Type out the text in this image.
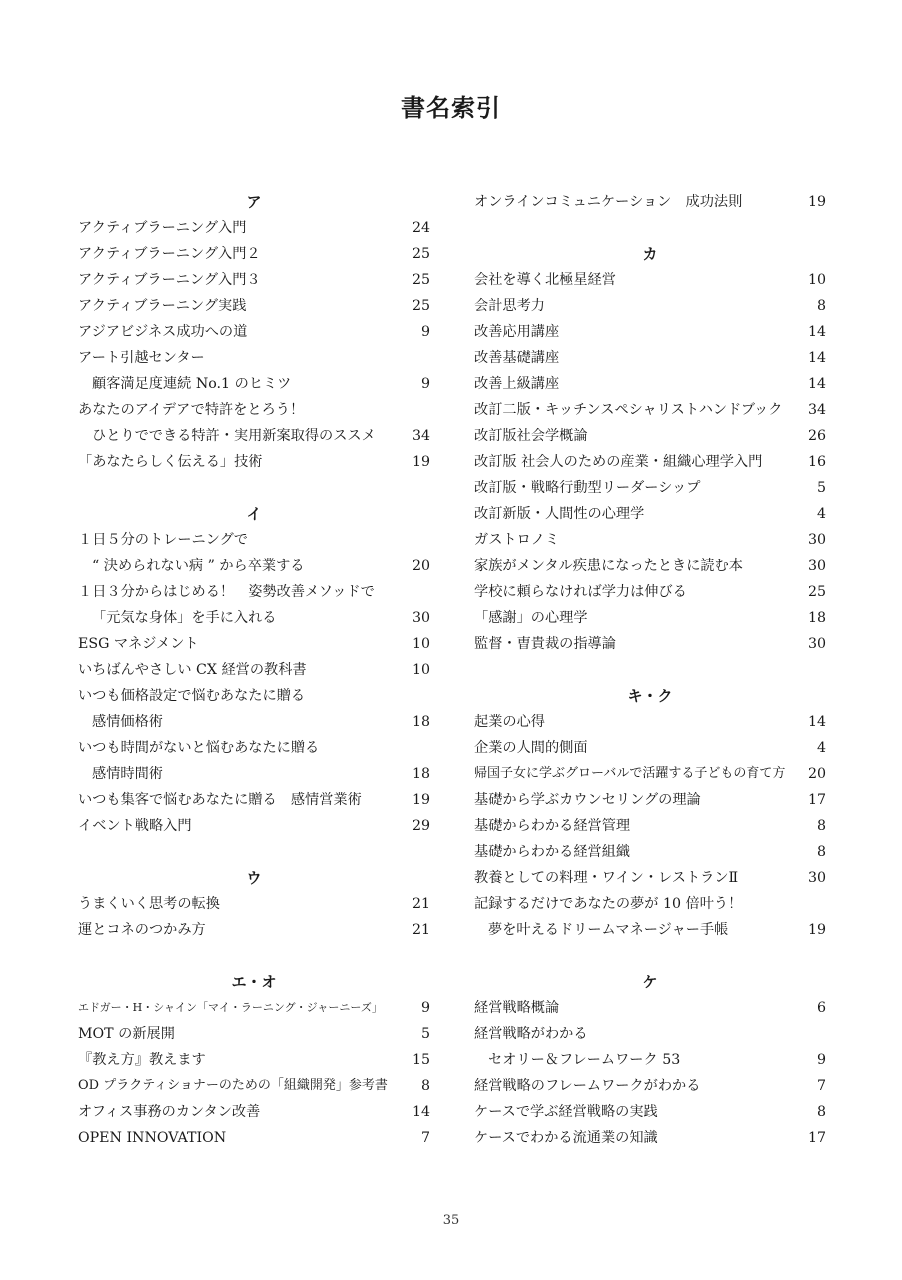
書名索引
ア
アクティブラーニング入門	24
アクティブラーニング入門２	25
アクティブラーニング入門３	25
アクティブラーニング実践	25
アジアビジネス成功への道	9
アート引越センター
顧客満足度連続 No.1 のヒミツ	9
あなたのアイデアで特許をとろう！
ひとりでできる特許・実用新案取得のススメ	34
「あなたらしく伝える」技術	19
イ
１日５分のトレーニングで
“ 決められない病 ” から卒業する	20
１日３分からはじめる！　姿勢改善メソッドで
「元気な身体」を手に入れる	30
ESG マネジメント	10
いちばんやさしい CX 経営の教科書	10
いつも価格設定で悩むあなたに贈る
感情価格術	18
いつも時間がないと悩むあなたに贈る
感情時間術	18
いつも集客で悩むあなたに贈る　感情営業術	19
イベント戦略入門	29
ウ
うまくいく思考の転換	21
運とコネのつかみ方	21
エ・オ
エドガー・H・シャイン「マイ・ラーニング・ジャーニーズ」	9
MOT の新展開	5
『教え方』教えます	15
OD プラクティショナーのための「組織開発」参考書	8
オフィス事務のカンタン改善	14
OPEN INNOVATION	7
オンラインコミュニケーション　成功法則	19
カ
会社を導く北極星経営	10
会計思考力	8
改善応用講座	14
改善基礎講座	14
改善上級講座	14
改訂二版・キッチンスペシャリストハンドブック	34
改訂版社会学概論	26
改訂版 社会人のための産業・組織心理学入門	16
改訂版・戦略行動型リーダーシップ	5
改訂新版・人間性の心理学	4
ガストロノミ	30
家族がメンタル疾患になったときに読む本	30
学校に頼らなければ学力は伸びる	25
「感謝」の心理学	18
監督・曺貴裁の指導論	30
キ・ク
起業の心得	14
企業の人間的側面	4
帰国子女に学ぶグローバルで活躍する子どもの育て方	20
基礎から学ぶカウンセリングの理論	17
基礎からわかる経営管理	8
基礎からわかる経営組織	8
教養としての料理・ワイン・レストランⅡ	30
記録するだけであなたの夢が 10 倍叶う！
夢を叶えるドリームマネージャー手帳	19
ケ
経営戦略概論	6
経営戦略がわかる
セオリー＆フレームワーク 53	9
経営戦略のフレームワークがわかる	7
ケースで学ぶ経営戦略の実践	8
ケースでわかる流通業の知識	17
35
